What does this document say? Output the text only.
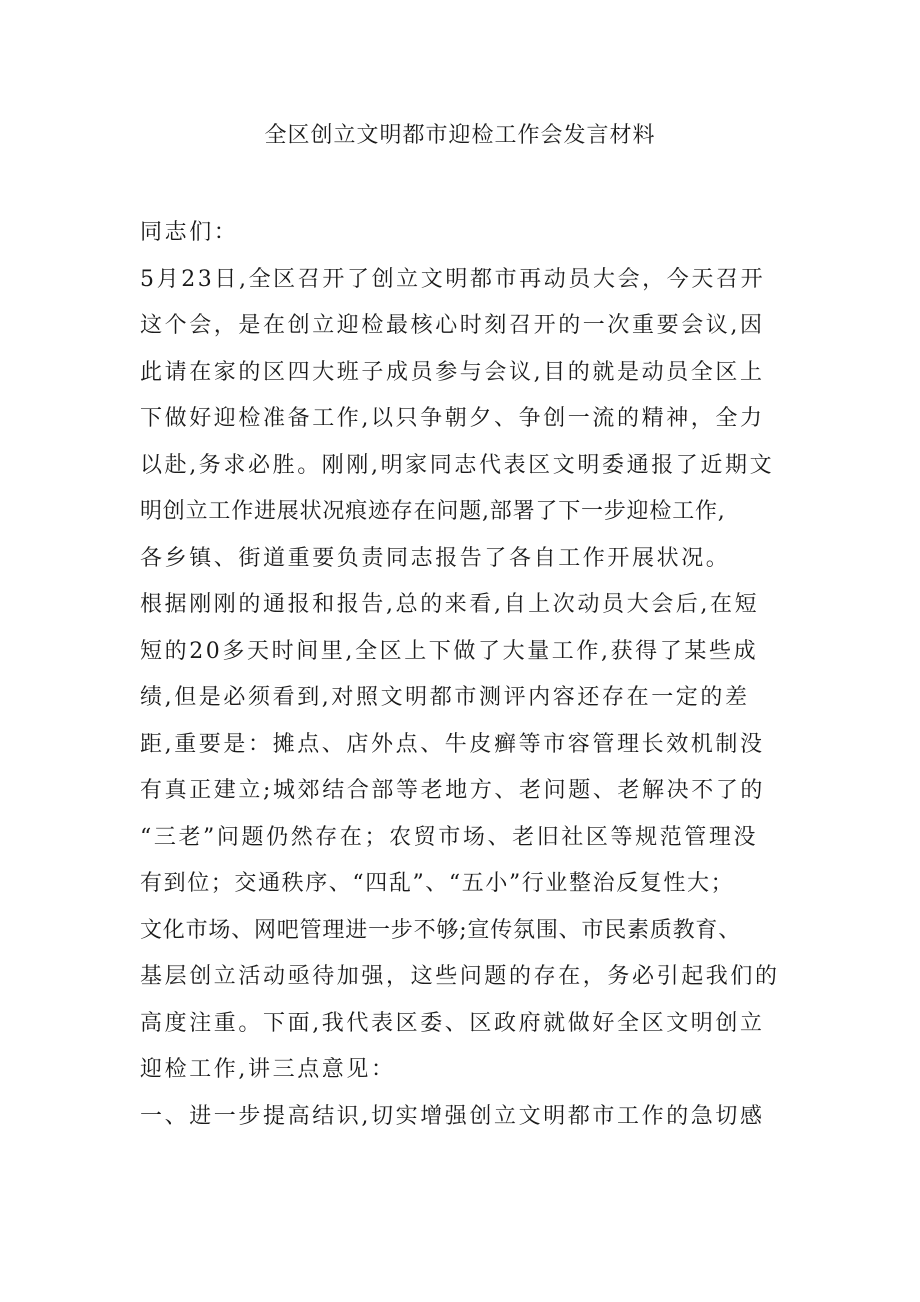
全区创立文明都市迎检工作会发言材料
同志们：
5月23日,全区召开了创立文明都市再动员大会，今天召开
这个会，是在创立迎检最核心时刻召开的一次重要会议,因
此请在家的区四大班子成员参与会议,目的就是动员全区上
下做好迎检准备工作,以只争朝夕、争创一流的精神，全力
以赴,务求必胜。刚刚,明家同志代表区文明委通报了近期文
明创立工作进展状况痕迹存在问题,部署了下一步迎检工作,
各乡镇、街道重要负责同志报告了各自工作开展状况。
根据刚刚的通报和报告,总的来看,自上次动员大会后,在短
短的20多天时间里,全区上下做了大量工作,获得了某些成
绩,但是必须看到,对照文明都市测评内容还存在一定的差
距,重要是：摊点、店外点、牛皮癣等市容管理长效机制没
有真正建立;城郊结合部等老地方、老问题、老解决不了的
“三老”问题仍然存在；农贸市场、老旧社区等规范管理没
有到位；交通秩序、“四乱”、“五小”行业整治反复性大；
文化市场、网吧管理进一步不够;宣传氛围、市民素质教育、
基层创立活动亟待加强，这些问题的存在，务必引起我们的
高度注重。下面,我代表区委、区政府就做好全区文明创立
迎检工作,讲三点意见：
一、进一步提高结识,切实增强创立文明都市工作的急切感
